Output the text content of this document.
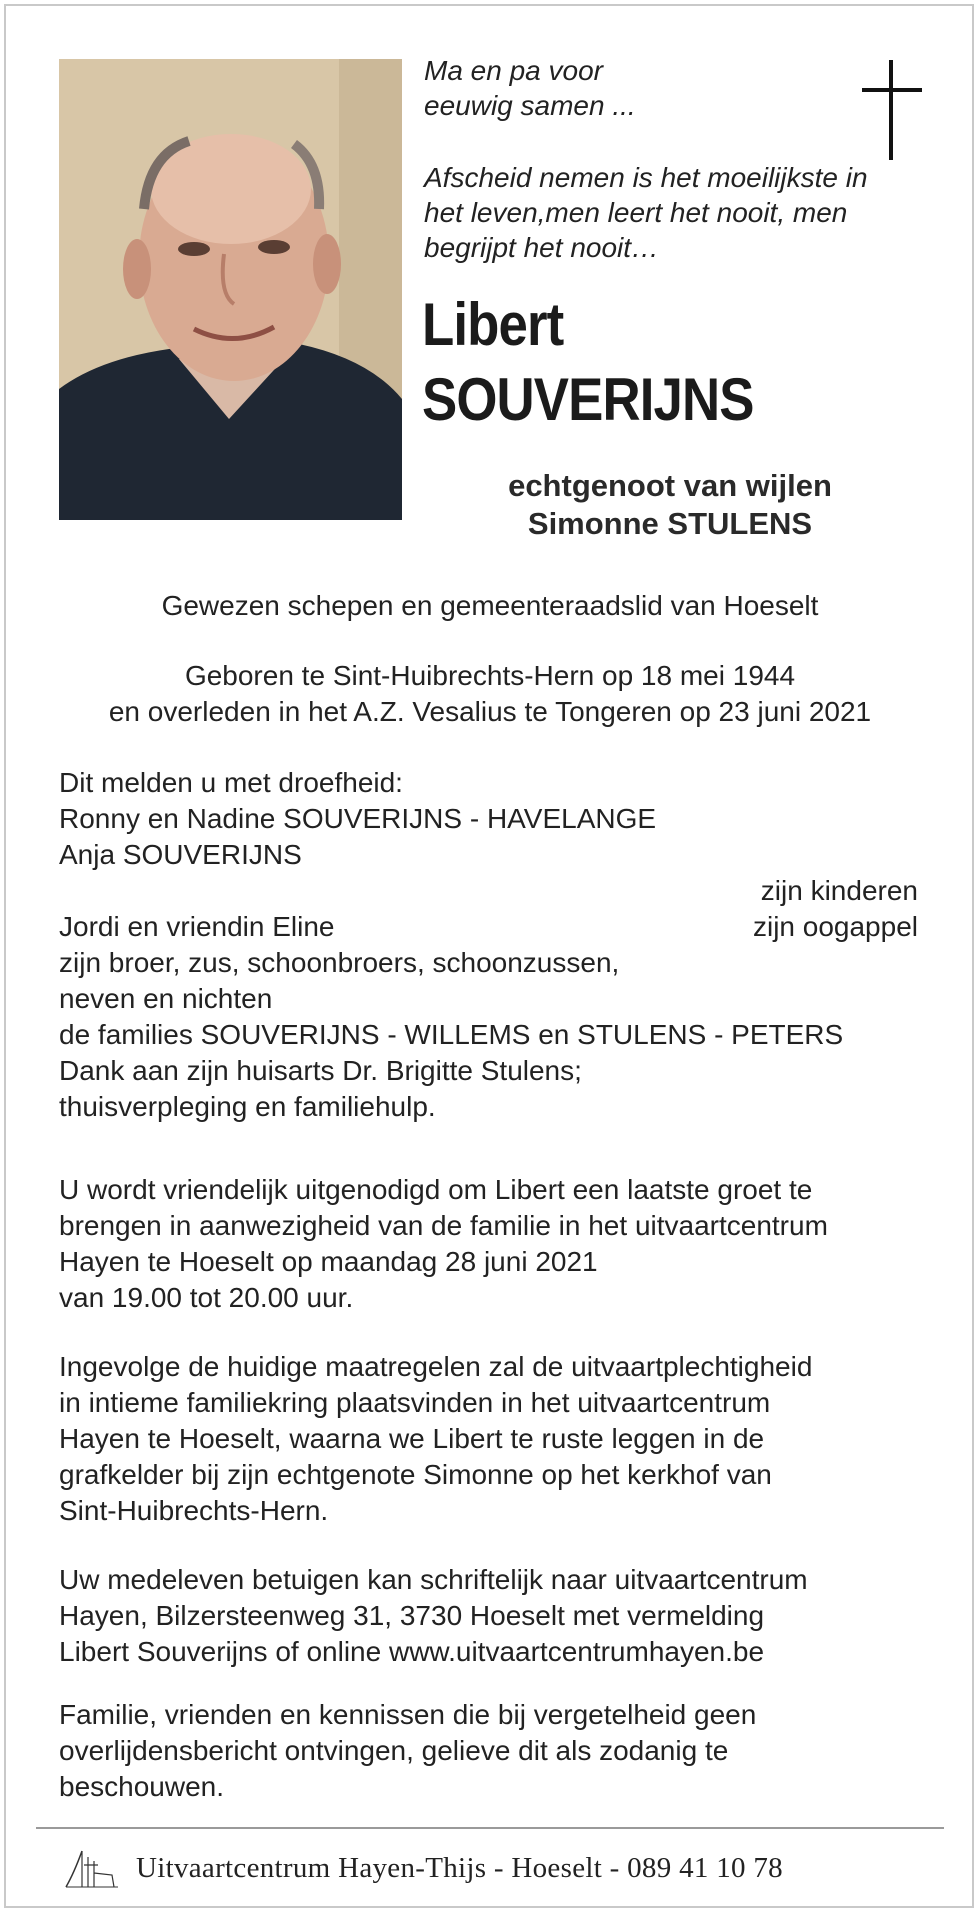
Ma en pa voor
eeuwig samen ...
Afscheid nemen is het moeilijkste in
het leven,men leert het nooit, men
begrijpt het nooit…
Libert
SOUVERIJNS
echtgenoot van wijlen
Simonne STULENS
Gewezen schepen en gemeenteraadslid van Hoeselt
Geboren te Sint-Huibrechts-Hern op 18 mei 1944
en overleden in het A.Z. Vesalius te Tongeren op 23 juni 2021
Dit melden u met droefheid:
Ronny en Nadine SOUVERIJNS - HAVELANGE
Anja SOUVERIJNS

Jordi en vriendin Eline
zijn broer, zus, schoonbroers, schoonzussen,
neven en nichten
de families SOUVERIJNS - WILLEMS en STULENS - PETERS
Dank aan zijn huisarts Dr. Brigitte Stulens;
thuisverpleging en familiehulp.
zijn kinderen
zijn oogappel
U wordt vriendelijk uitgenodigd om Libert een laatste groet te
brengen in aanwezigheid van de familie in het uitvaartcentrum
Hayen te Hoeselt op maandag 28 juni 2021
van 19.00 tot 20.00 uur.
Ingevolge de huidige maatregelen zal de uitvaartplechtigheid
in intieme familiekring plaatsvinden in het uitvaartcentrum
Hayen te Hoeselt, waarna we Libert te ruste leggen in de
grafkelder bij zijn echtgenote Simonne op het kerkhof van
Sint-Huibrechts-Hern.
Uw medeleven betuigen kan schriftelijk naar uitvaartcentrum
Hayen, Bilzersteenweg 31, 3730 Hoeselt met vermelding
Libert Souverijns of online www.uitvaartcentrumhayen.be
Familie, vrienden en kennissen die bij vergetelheid geen
overlijdensbericht ontvingen, gelieve dit als zodanig te
beschouwen.
Uitvaartcentrum Hayen-Thijs - Hoeselt - 089 41 10 78
